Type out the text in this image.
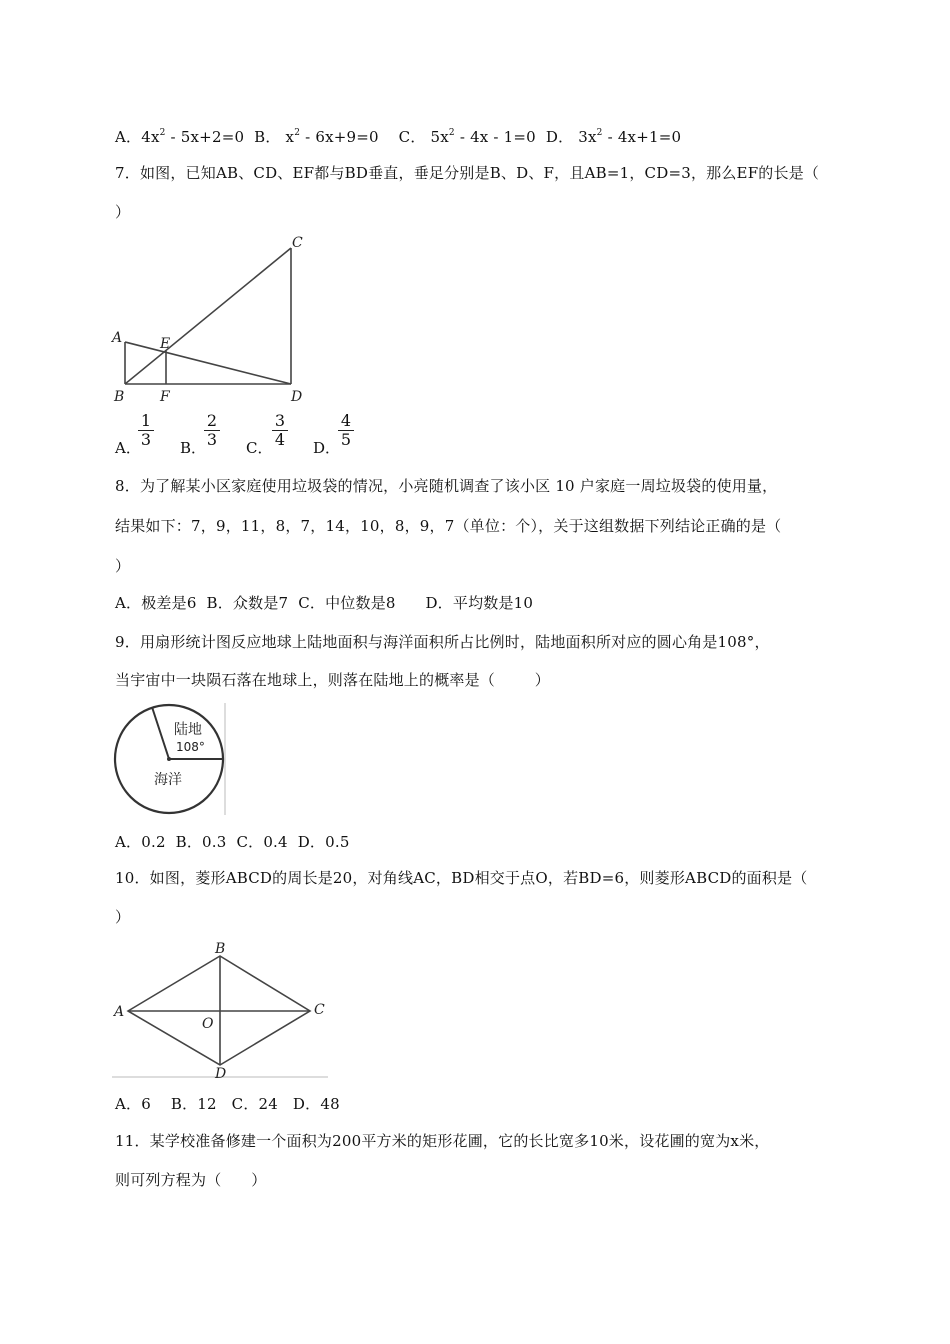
A．$4x^2 - 5x+2=0$  B． $x^2 - 6x+9=0$    C． $5x^2 - 4x - 1=0$  D． $3x^2 - 4x+1=0$
7．如图，已知AB、CD、EF都与BD垂直，垂足分别是B、D、F，且AB=1，CD=3，那么EF的长是（
）
A
B
C
D
E
F
A．
$\frac{1}{3}$ B．
$\frac{2}{3}$ C． $\frac{3}{4}$ D．
$\frac{4}{5}$
8．为了解某小区家庭使用垃圾袋的情况，小亮随机调查了该小区 10 户家庭一周垃圾袋的使用量，
结果如下：7，9，11，8，7，14，10，8，9，7（单位：个），关于这组数据下列结论正确的是（
）
A．极差是6  B．众数是7  C．中位数是8      D．平均数是10
9．用扇形统计图反应地球上陆地面积与海洋面积所占比例时，陆地面积所对应的圆心角是108°，
当宇宙中一块陨石落在地球上，则落在陆地上的概率是（        ）
陆地
108°
海洋
A．0.2  B．0.3  C．0.4  D．0.5
10．如图，菱形ABCD的周长是20，对角线AC，BD相交于点O，若BD=6，则菱形ABCD的面积是（
）
A
B
C
D
O
A．6    B．12   C．24   D．48
11．某学校准备修建一个面积为200平方米的矩形花圃，它的长比宽多10米，设花圃的宽为x米，
则可列方程为（      ）
